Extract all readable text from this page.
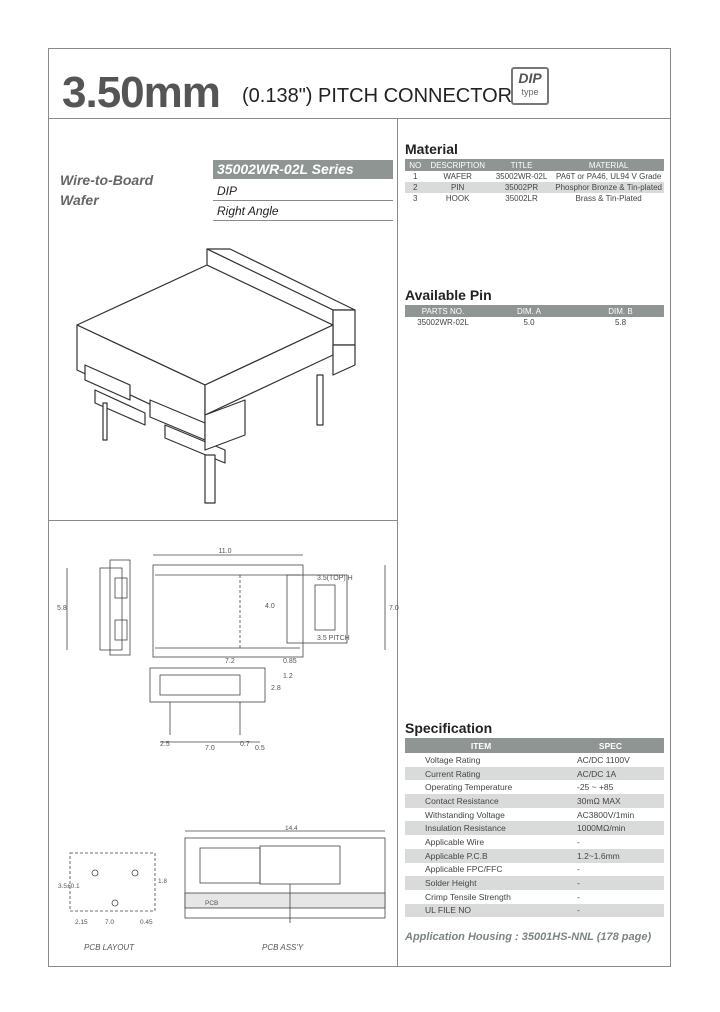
3.50mm (0.138") PITCH CONNECTOR
DIP
type
Wire-to-Board
Wafer
35002WR-02L Series
DIP
Right Angle
11.0
5.8	7.0
4.0
3.5(TOP) H
3.5 PITCH
7.2	0.85
1.2
2.8
7.0
0.7
2.5
0.5
14.4
3.5±0.1
1.8
2.15	7.0	0.45
PCB
PCB LAYOUT	PCB ASS'Y
Material
NO	DESCRIPTION	TITLE	MATERIAL
1	WAFER	35002WR-02L	PA6T or PA46, UL94 V Grade
2	PIN	35002PR	Phosphor Bronze & Tin-plated
3	HOOK	35002LR	Brass & Tin-Plated
Available Pin
PARTS NO.	DIM. A	DIM. B
35002WR-02L	5.0	5.8
Specification
ITEM	SPEC
Voltage Rating	AC/DC 1100V
Current Rating	AC/DC 1A
Operating Temperature	-25 ~ +85
Contact Resistance	30mΩ MAX
Withstanding Voltage	AC3800V/1min
Insulation Resistance	1000MΩ/min
Applicable Wire	-
Applicable P.C.B	1.2~1.6mm
Applicable FPC/FFC	-
Solder Height	-
Crimp Tensile Strength	-
UL FILE NO	-
Application Housing : 35001HS-NNL (178 page)
